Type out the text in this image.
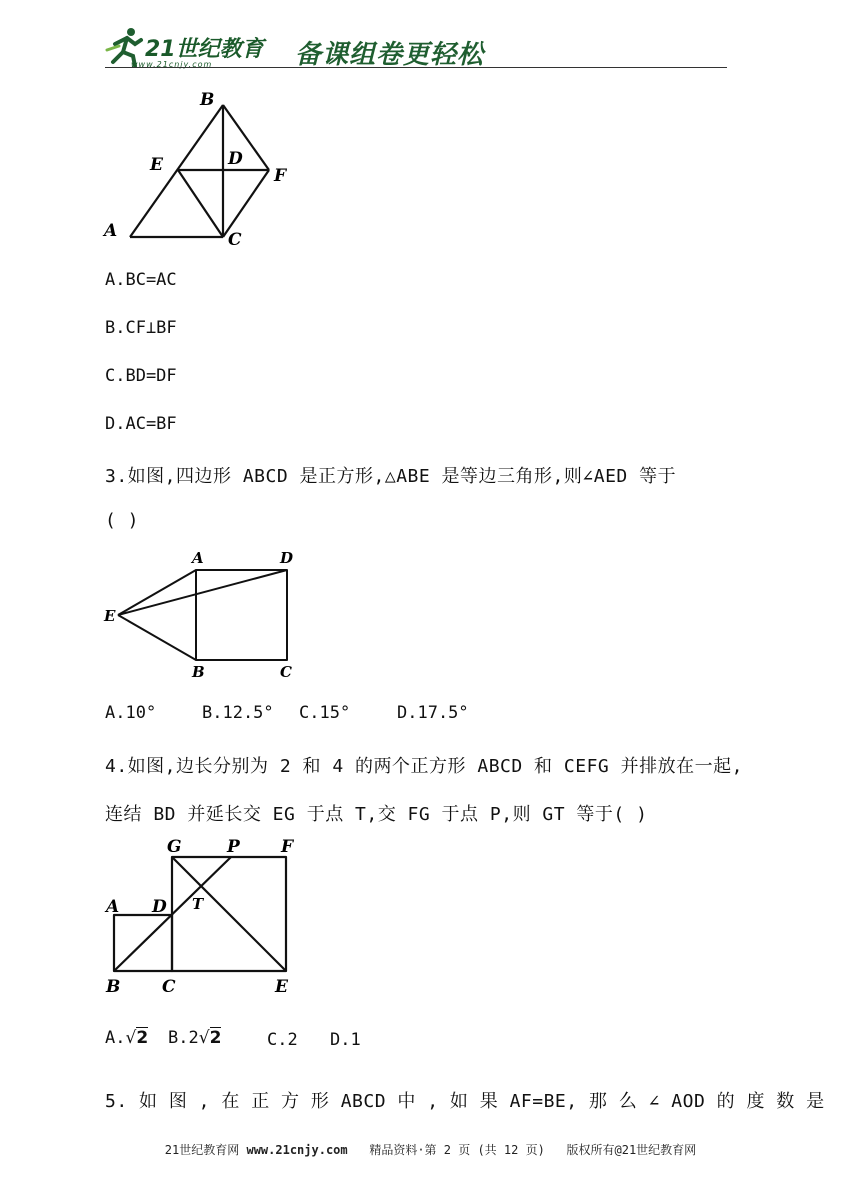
21世纪教育
www.21cnjy.com	备课组卷更轻松
B
E	D
F
A	C
A.BC=AC
B.CF⊥BF
C.BD=DF
D.AC=BF
3.如图,四边形 ABCD 是正方形,△ABE 是等边三角形,则∠AED 等于
( )
A	D
E
B	C
A.10°	B.12.5° C.15°	D.17.5°
4.如图,边长分别为 2 和 4 的两个正方形 ABCD 和 CEFG 并排放在一起,
连结 BD 并延长交 EG 于点 T,交 FG 于点 P,则 GT 等于( )
G	P F
A D T
B C	E
A.√2 B.2√2	C.2 D.1
5. 如 图 , 在 正 方 形 ABCD 中 , 如 果 AF=BE, 那 么 ∠ AOD 的 度 数 是
21世纪教育网 www.21cnjy.com 精品资料·第 2 页 (共 12 页) 版权所有@21世纪教育网
